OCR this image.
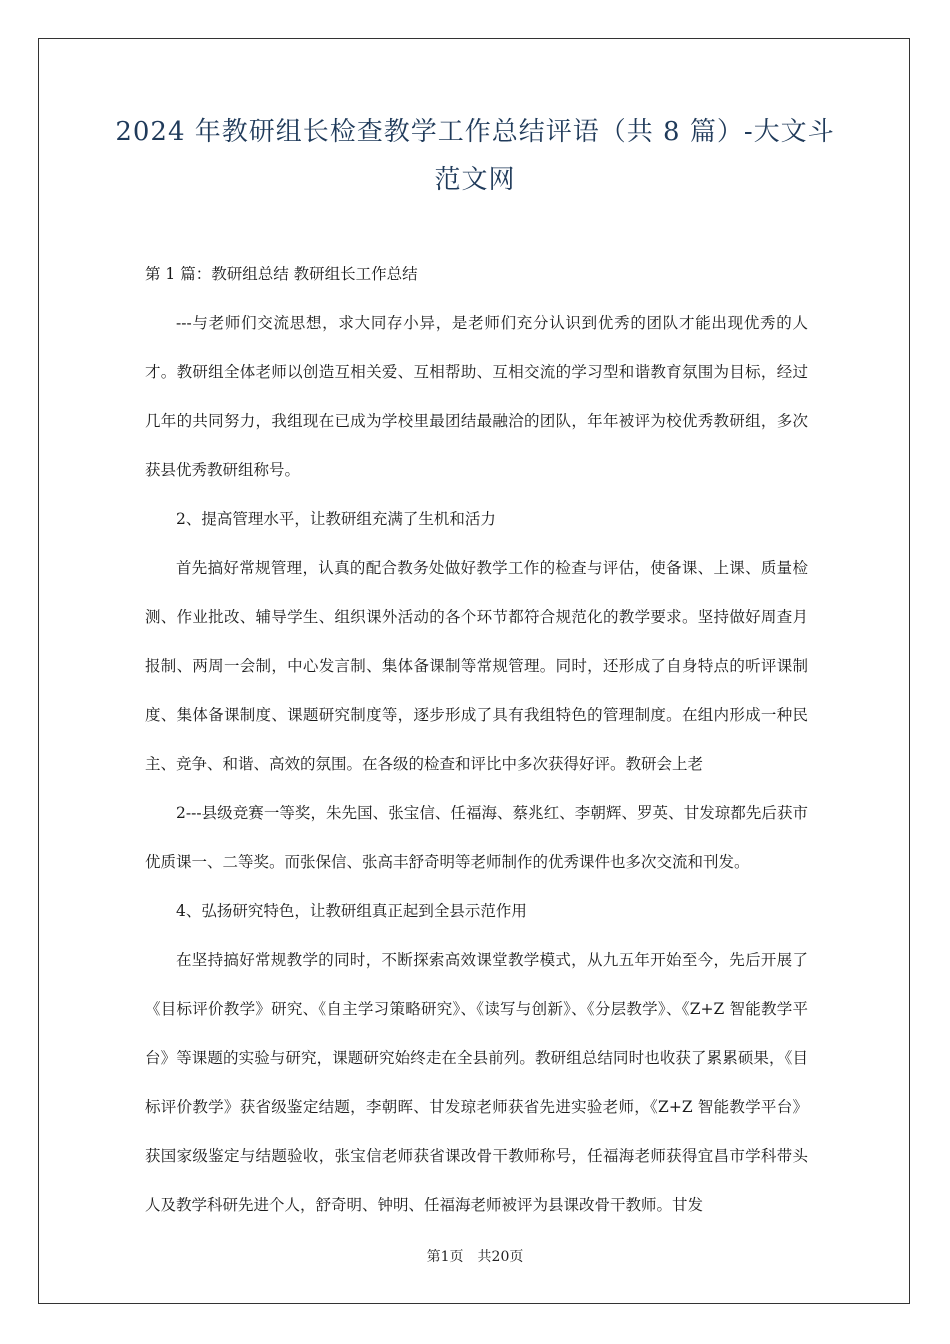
2024 年教研组长检查教学工作总结评语（共 8 篇）-大文斗范文网

第 1 篇：教研组总结 教研组长工作总结

---与老师们交流思想，求大同存小异，是老师们充分认识到优秀的团队才能出现优秀的人才。教研组全体老师以创造互相关爱、互相帮助、互相交流的学习型和谐教育氛围为目标，经过几年的共同努力，我组现在已成为学校里最团结最融洽的团队，年年被评为校优秀教研组，多次获县优秀教研组称号。

2、提高管理水平，让教研组充满了生机和活力

首先搞好常规管理，认真的配合教务处做好教学工作的检查与评估，使备课、上课、质量检测、作业批改、辅导学生、组织课外活动的各个环节都符合规范化的教学要求。坚持做好周查月报制、两周一会制，中心发言制、集体备课制等常规管理。同时，还形成了自身特点的听评课制度、集体备课制度、课题研究制度等，逐步形成了具有我组特色的管理制度。在组内形成一种民主、竞争、和谐、高效的氛围。在各级的检查和评比中多次获得好评。教研会上老

2---县级竞赛一等奖，朱先国、张宝信、任福海、蔡兆红、李朝辉、罗英、甘发琼都先后获市优质课一、二等奖。而张保信、张高丰舒奇明等老师制作的优秀课件也多次交流和刊发。

4、弘扬研究特色，让教研组真正起到全县示范作用

在坚持搞好常规教学的同时，不断探索高效课堂教学模式，从九五年开始至今，先后开展了《目标评价教学》研究、《自主学习策略研究》、《读写与创新》、《分层教学》、《Z+Z 智能教学平台》等课题的实验与研究，课题研究始终走在全县前列。教研组总结同时也收获了累累硕果，《目标评价教学》获省级鉴定结题，李朝晖、甘发琼老师获省先进实验老师，《Z+Z 智能教学平台》获国家级鉴定与结题验收，张宝信老师获省课改骨干教师称号，任福海老师获得宜昌市学科带头人及教学科研先进个人，舒奇明、钟明、任福海老师被评为县课改骨干教师。甘发

第1页　共20页
